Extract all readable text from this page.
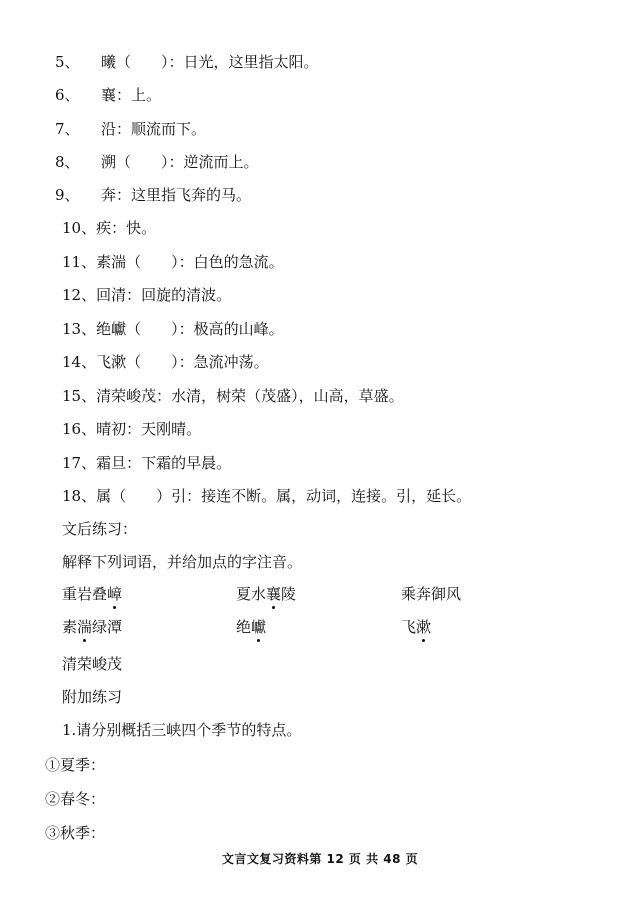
5、 曦（　　）：日光，这里指太阳。
6、 襄：上。
7、 沿：顺流而下。
8、 溯（　　）：逆流而上。
9、 奔：这里指飞奔的马。
10、疾：快。
11、素湍（　　）：白色的急流。
12、回清：回旋的清波。
13、绝巘（　　）：极高的山峰。
14、飞漱（　　）：急流冲荡。
15、清荣峻茂：水清，树荣（茂盛），山高，草盛。
16、晴初：天刚晴。
17、霜旦：下霜的早晨。
18、属（　　）引：接连不断。属，动词，连接。引，延长。
文后练习：
解释下列词语，并给加点的字注音。
重岩叠嶂	夏水襄陵	乘奔御风
素湍绿潭	绝巘	飞漱
清荣峻茂
附加练习
1.请分别概括三峡四个季节的特点。
①夏季：
②春冬：
③秋季：
文言文复习资料第 12 页 共 48 页
